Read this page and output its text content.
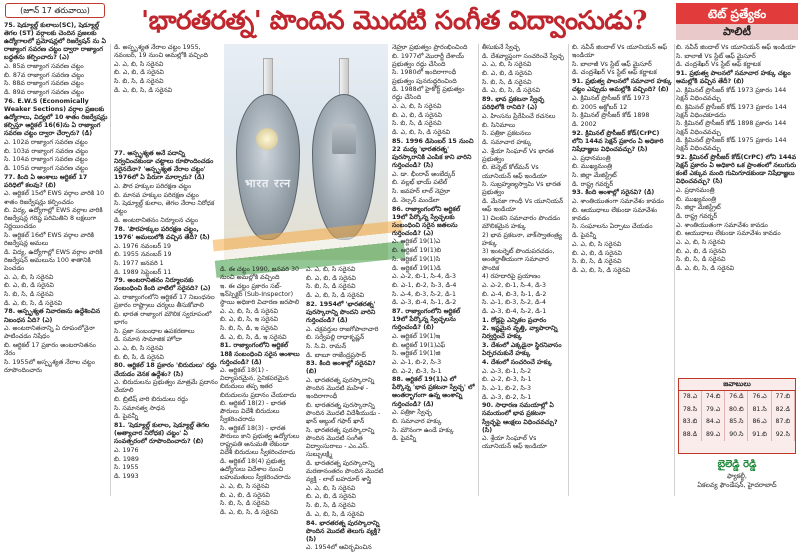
(జూన్ 17 తరువాయి)	'భారతరత్న' పొందిన మొదటి సంగీత విద్వాంసుడు?	టెట్ ప్రత్యేకం
పాలిటీ

75. షెడ్యూల్డ్ కులాలు(SC), షెడ్యూల్డ్ తెగల (ST) వర్గాలకు చెందిన ప్రజలకు ఉద్యోగాలలో ప్రమోషన్లలో రిజర్వేషన్ ను ఏ రాజ్యాంగ సవరణ చట్టం ద్వారా రాజ్యాంగ బద్ధతను కల్పించారు? (ఎ)

ఎ. 85వ రాజ్యాంగ సవరణ చట్టం

బి. 87వ రాజ్యాంగ సవరణ చట్టం

సి. 88వ రాజ్యాంగ సవరణ చట్టం

డి. 89వ రాజ్యాంగ సవరణ చట్టం

76. E.W.S (Economically Weaker Sections) వర్గాల ప్రజలకు ఉద్యోగాలు, విద్యలో 10 శాతం రిజర్వేషన్లు కల్పిస్తూ ఆర్టికల్ 16(6)ను ఏ రాజ్యాంగ సవరణ చట్టం ద్వారా చేర్చారు? (డి)

ఎ. 102వ రాజ్యాంగ సవరణ చట్టం

బి. 103వ రాజ్యాంగ సవరణ చట్టం

సి. 104వ రాజ్యాంగ సవరణ చట్టం

డి. 105వ రాజ్యాంగ సవరణ చట్టం

77. కింది ఏ అంశాలు ఆర్టికల్ 17 పరిధిలో కలవు? (బి)

ఎ. ఆర్టికల్ 15లో EWS వర్గాల వారికి 10 శాతం రిజర్వేషన్లు కల్పించడం

బి. విద్య, ఉద్యోగాల్లో EWS వర్గాల వారికి రిజర్వేషన్ల గరిష్ట పరిమితిని 8 లక్షలుగా నిర్ణయించడం

సి. ఆర్టికల్ 16లో EWS వర్గాల వారికి రిజర్వేషన్ల అమలు

డి. విద్య, ఉద్యోగాల్లో EWS వర్గాల వారికి రిజర్వేషన్ అమలును 100 శాతానికి పెంచడం

ఎ. ఎ, బి, సి సరైనవి

బి. ఎ, బి, డి సరైనవి

సి. బి, సి, డి సరైనవి

డి. ఎ, బి, సి, డి సరైనవి

78. అస్పృశ్యత నివారణను ఉద్దేశించిన నిబంధన ఏది? (ఎ)

ఎ. అంటరానితనాన్ని ఏ రూపంలోనైనా పాటించడం నిషేధం

బి. ఆర్టికల్ 17 ప్రకారం అంటరానితనం నేరం

సి. 1955లో అస్పృశ్యత నేరాల చట్టం రూపొందించారు

డి. అస్పృశ్యత నేరాల చట్టం 1955, నవంబర్, 19 నుంచి అమల్లోకి వచ్చింది

ఎ. ఎ, బి, సి సరైనవి

బి. ఎ, బి, డి సరైనవి

సి. బి, సి, డి సరైనవి

డి. ఎ, బి, సి, డి సరైనవి

77. అస్పృశ్యత అనే పదాన్ని నిర్వచించకుండా చట్టాలు రూపొందించడం సరైనదేనా? 'అస్పృశ్యత నేరాల చట్టం' 1976లో ఏ పేరుగా మార్చారు? (డి)

ఎ. పౌర హక్కుల పరిరక్షణ చట్టం

బి. మానవ హక్కుల పరిరక్షణ చట్టం

సి. షెడ్యూల్డ్ కులాల, తెగల నేరాల నిరోధక చట్టం

డి. అంటరానితనం నిర్మూలన చట్టం

78. 'పౌరహక్కుల పరిరక్షణ చట్టం, 1976' అమలులోకి వచ్చిన తేదీ? (సి)

ఎ. 1976 నవంబర్ 19

బి. 1955 నవంబర్ 19

సి. 1977 జనవరి 1

డి. 1989 సెప్టెంబర్ 11

79. అంటరానితనం నిర్మూలనకు సంబంధించి కింది వాటిలో సరైనది? (ఎ)

ఎ. రాజ్యాంగంలోని ఆర్టికల్ 17 నిబంధనల ప్రకారం రాష్ట్రాలు చర్యలు తీసుకోవాలి

బి. భారత రాజ్యాంగ మౌలిక స్వరూపంలో భాగం

సి. ప్రజా సంబంధాల ఉపకరణాలు

డి. సమాన సామాజిక హోదా

ఎ. ఎ, బి, సి సరైనవి

బి. బి, సి, డి సరైనవి

80. ఆర్టికల్ 18 ప్రకారం 'బిరుదులు' రద్దు చేయడం వెనక ఉద్దేశం? (సి)

ఎ. బిరుదులను ప్రభుత్వం మాత్రమే ప్రదానం చేయాలి

బి. బ్రిటిష్ వారి బిరుదులు రద్దు

సి. సమానత్వ సాధన

డి. పైవన్నీ

81. 'షెడ్యూల్డ్ కులాల, షెడ్యూల్డ్ తెగల (అత్యాచార నిరోధక) చట్టం' ఏ సంవత్సరంలో రూపొందించారు? (బి)

ఎ. 1976

బి. 1989

సి. 1955

డి. 1993

भारत रत्न

డి. ఈ చట్టం 1990, జనవరి 30 నుంచి అమల్లోకి వచ్చింది

ఇ. ఈ చట్టం ప్రకారం సబ్-ఇన్‌స్పెక్టర్ (Sub-Inspector) స్థాయి అధికారి విచారణ జరపాలి

ఎ. ఎ, బి, సి, డి సరైనవి

బి. ఎ, బి, సి, ఇ సరైనవి

సి. బి, సి, డి, ఇ సరైనవి

డి. ఎ, బి, సి, డి, ఇ సరైనవి

81. రాజ్యాంగంలోని ఆర్టికల్ 18కి సంబంధించి సరైన అంశాలు గుర్తించండి? (డి)

ఎ. ఆర్టికల్ 18(1) - విద్యాపరమైన, సైనికపరమైన బిరుదులు తప్ప ఇతర బిరుదులను ప్రదానం చేయరాదు

బి. ఆర్టికల్ 18(2) - భారత పౌరులు విదేశీ బిరుదులు స్వీకరించరాదు

సి. ఆర్టికల్ 18(3) - భారత పౌరులు కాని ప్రభుత్వ ఉద్యోగులు రాష్ట్రపతి అనుమతి లేకుండా విదేశీ బిరుదులు స్వీకరించరాదు

డి. ఆర్టికల్ 18(4) ప్రభుత్వ ఉద్యోగులు విదేశాల నుంచి బహుమతులు స్వీకరించరాదు

ఎ. ఎ, బి, సి సరైనవి

బి. ఎ, బి, డి సరైనవి

సి. బి, సి, డి సరైనవి

డి. ఎ, బి, సి, డి సరైనవి

ఎ. ఎ, బి, సి సరైనవి

బి. ఎ, బి, డి సరైనవి

సి. బి, సి, డి సరైనవి

డి. ఎ, బి, సి, డి సరైనవి

82. 1954లో 'భారతరత్న' పురస్కారాన్ని పొందని వారిని గుర్తించండి? (డి)

ఎ. చక్రవర్తుల రాజగోపాలాచారి

బి. సర్వేపల్లి రాధాకృష్ణన్

సి. సి.వి. రామన్

డి. బాబూ రాజేంద్రప్రసాద్

83. కింది అంశాల్లో సరైనవి? (బి)

ఎ. భారతరత్న పురస్కారాన్ని పొందిన మొదటి మహిళ - ఇందిరాగాంధీ

బి. భారతరత్న పురస్కారాన్ని పొందిన మొదటి విదేశీయుడు - ఖాన్ అబ్దుల్ గఫార్ ఖాన్

సి. భారతరత్న పురస్కారాన్ని పొందిన మొదటి సంగీత విద్వాంసురాలు - ఎం.ఎస్. సుబ్బులక్ష్మి

డి. భారతరత్న పురస్కారాన్ని మరణానంతరం పొందిన మొదటి వ్యక్తి - లాల్ బహదూర్ శాస్త్రి

ఎ. ఎ, బి, సి సరైనవి

బి. ఎ, బి, డి సరైనవి

సి. బి, సి, డి సరైనవి

డి. ఎ, బి, సి, డి సరైనవి

84. భారతరత్న పురస్కారాన్ని పొందిన మొదటి తెలుగు వ్యక్తి? (సి)

ఎ. 1954లో ఆవిర్భవించిన

నెహ్రూ ప్రభుత్వం ప్రారంభించింది

బి. 1977లో మొరార్జీ దేశాయ్ ప్రభుత్వం రద్దు చేసింది

సి. 1980లో ఇందిరాగాంధీ ప్రభుత్వం పునరుద్ధరించింది

డి. 1988లో హైకోర్ట్ ప్రభుత్వం రద్దు చేసింది

ఎ. ఎ, బి, సి సరైనవి

బి. ఎ, బి, డి సరైనవి

సి. బి, సి, డి సరైనవి

డి. ఎ, బి, సి, డి సరైనవి

85. 1996 డిసెంబర్ 15 నుంచి 22 మధ్య 'భారతరత్న' పురస్కారానికి ఎంపిక కాని వారిని గుర్తించండి? (సి)

ఎ. డా. భీంరావ్ అంబేద్కర్

బి. వల్లభ్ భాయ్ పటేల్

సి. జవహర్ లాల్ నెహ్రూ

డి. నెల్సన్ మండేలా

86. రాజ్యాంగంలోని ఆర్టికల్ 19లో పేర్కొన్న స్వేచ్ఛలకు సంబంధించి సరైన జతలను గుర్తించండి? (ఎ)

ఎ. ఆర్టికల్ 19(1)ఎ

బి. ఆర్టికల్ 19(1)బి

సి. ఆర్టికల్ 19(1)సి

డి. ఆర్టికల్ 19(1)డి

ఎ. ఎ-2, బి-1, సి-4, డి-3

బి. ఎ-1, బి-2, సి-3, డి-4

సి. ఎ-4, బి-3, సి-2, డి-1

డి. ఎ-3, బి-4, సి-1, డి-2

87. రాజ్యాంగంలోని ఆర్టికల్ 19లో పేర్కొన్న స్వేచ్ఛలను గుర్తించండి? (బి)

ఎ. ఆర్టికల్ 19(1)ఇ

బి. ఆర్టికల్ 19(1)ఎఫ్

సి. ఆర్టికల్ 19(1)జి

ఎ. ఎ-1, బి-2, సి-3

బి. ఎ-2, బి-3, సి-1

88. ఆర్టికల్ 19(1)ఎ లో పేర్కొన్న 'భావ ప్రకటనా స్వేచ్ఛ' లో అంతర్భాగంగా ఉన్న అంశాన్ని గుర్తించండి? (డి)

ఎ. పత్రికా స్వేచ్ఛ

బి. సమాచార హక్కు

సి. మౌనంగా ఉండే హక్కు

డి. పైవన్నీ

తీసుకునే స్వేచ్ఛ

డి. దేశవ్యాప్తంగా సంచరించే స్వేచ్ఛ

ఎ. ఎ, బి, సి సరైనవి

బి. ఎ, బి, డి సరైనవి

సి. బి, సి, డి సరైనవి

డి. ఎ, బి, సి, డి సరైనవి

89. భావ ప్రకటనా స్వేచ్ఛ పరిధిలోకి రానిది? (ఎ)

ఎ. హింసను ప్రేరేపించే రచనలు

బి. సినిమాలు

సి. పత్రికా ప్రకటనలు

డి. సమాచార హక్కు

ఎ. శ్రేయా సింఘాల్ Vs భారత ప్రభుత్వం

బి. బెన్నెట్ కోల్‌మన్ Vs యూనియన్ ఆఫ్ ఇండియా

సి. సుబ్రహ్మణ్యస్వామి Vs భారత ప్రభుత్వం

డి. మేనకా గాంధీ Vs యూనియన్ ఆఫ్ ఇండియా

1) చిలకని సమాచారం పొందడం మౌలికమైన హక్కు

2) భావ ప్రకటనా, వాక్‌స్వాతంత్ర్య హక్కు

3) ఇంటర్నెట్ పొందుపరచడం, అంతర్జాతీయంగా సమాచార పొందిక

4) రహదారిపై ప్రయాణం

ఎ. ఎ-2, బి-1, సి-4, డి-3

బి. ఎ-4, బి-3, సి-1, డి-2

సి. ఎ-1, బి-3, సి-2, డి-4

డి. ఎ-3, బి-4, సి-2, డి-1

1. రోడ్లపై ఎన్నికల ప్రచారం

2. ఇష్టమైన వృత్తి, వ్యాపారాన్ని నిర్వర్తించే హక్కు

3. దేశంలో ఎక్కడైనా స్థిరనివాసం ఏర్పరచుకునే హక్కు

4. దేశంలో సంచరించే హక్కు

ఎ. ఎ-3, బి-1, సి-2

బి. ఎ-2, బి-3, సి-1

సి. ఎ-1, బి-2, సి-3

డి. ఎ-3, బి-2, సి-1

90. సాధారణ సమయాల్లో ఏ సమయంలో భావ ప్రకటనా స్వేచ్ఛపై ఆంక్షలు విధించవచ్చు? (సి)

ఎ. శ్రేయా సింఘాల్ Vs యూనియన్ ఆఫ్ ఇండియా

బి. నవీన్ జిందాల్ Vs యూనియన్ ఆఫ్ ఇండియా

సి. బాలాజీ Vs స్టేట్ ఆఫ్ మైసూర్

డి. చంద్రశేఖర్ Vs స్టేట్ ఆఫ్ కర్ణాటక

91. ప్రభుత్వ పాలనలో సమాచార హక్కు చట్టం ఎప్పుడు అమల్లోకి వచ్చింది? (బి)

ఎ. క్రిమినల్ ప్రొసీజర్ కోడ్ 1973

బి. 2005 అక్టోబర్ 12

సి. క్రిమినల్ ప్రొసీజర్ కోడ్ 1898

డి. 2002

92. క్రిమినల్ ప్రొసీజర్ కోడ్(CrPC) లోని 144వ సెక్షన్ ప్రకారం ఏ అధికారి నిషేధాజ్ఞలు విధించవచ్చు? (సి)

ఎ. ప్రధానమంత్రి

బి. ముఖ్యమంత్రి

సి. జిల్లా మేజిస్ట్రేట్

డి. రాష్ట్ర గవర్నర్

93. కింది అంశాల్లో సరైనవి? (డి)

ఎ. శాంతియుతంగా సమావేశం కావడం

బి. ఆయుధాలు లేకుండా సమావేశం కావడం

సి. సంఘాలను ఏర్పాటు చేయడం

డి. పైవన్నీ

ఎ. ఎ, బి, సి సరైనవి

బి. ఎ, బి, డి సరైనవి

సి. బి, సి, డి సరైనవి

డి. ఎ, బి, సి, డి సరైనవి

బి. నవీన్ జిందాల్ Vs యూనియన్ ఆఫ్ ఇండియా

సి. బాలాజీ Vs స్టేట్ ఆఫ్ మైసూర్

డి. చంద్రశేఖర్ Vs స్టేట్ ఆఫ్ కర్ణాటక

91. ప్రభుత్వ పాలనలో సమాచార హక్కు చట్టం అమల్లోకి వచ్చిన తేదీ? (బి)

ఎ. క్రిమినల్ ప్రొసీజర్ కోడ్ 1973 ప్రకారం 144 సెక్షన్ విధించవచ్చు

బి. క్రిమినల్ ప్రొసీజర్ కోడ్ 1973 ప్రకారం 144 సెక్షన్ విధించకూడదు

సి. క్రిమినల్ ప్రొసీజర్ కోడ్ 1898 ప్రకారం 144 సెక్షన్ విధించవచ్చు

డి. క్రిమినల్ ప్రొసీజర్ కోడ్ 1975 ప్రకారం 144 సెక్షన్ విధించవచ్చు

92. క్రిమినల్ ప్రొసీజర్ కోడ్(CrPC) లోని 144వ సెక్షన్ ప్రకారం ఏ అధికారి ఒక ప్రాంతంలో నలుగురు కంటే ఎక్కువ మంది గుమిగూడకుండా నిషేధాజ్ఞలు విధించవచ్చు? (సి)

ఎ. ప్రధానమంత్రి

బి. ముఖ్యమంత్రి

సి. జిల్లా మేజిస్ట్రేట్

డి. రాష్ట్ర గవర్నర్

ఎ. శాంతియుతంగా సమావేశం కావడం

బి. ఆయుధాలు లేకుండా సమావేశం కావడం

ఎ. ఎ, బి, సి సరైనవి

బి. ఎ, బి, డి సరైనవి

సి. బి, సి, డి సరైనవి

డి. ఎ, బి, సి, డి సరైనవి

జవాబులు
78.ఎ	74.బి	76.డి	76.ఎ	77.బి
78.సి	79.ఎ	80.బి	81.సి	82.డి
83.బి	84.ఎ	85.సి	86.ఎ	87.బి
88.డి	89.ఎ	90.సి	91.బి	92.సి
బైలెడ్డి రెడ్డి
ఫ్యాకల్టీ,
ఏకలవ్య ఫౌండేషన్, హైదరాబాద్
